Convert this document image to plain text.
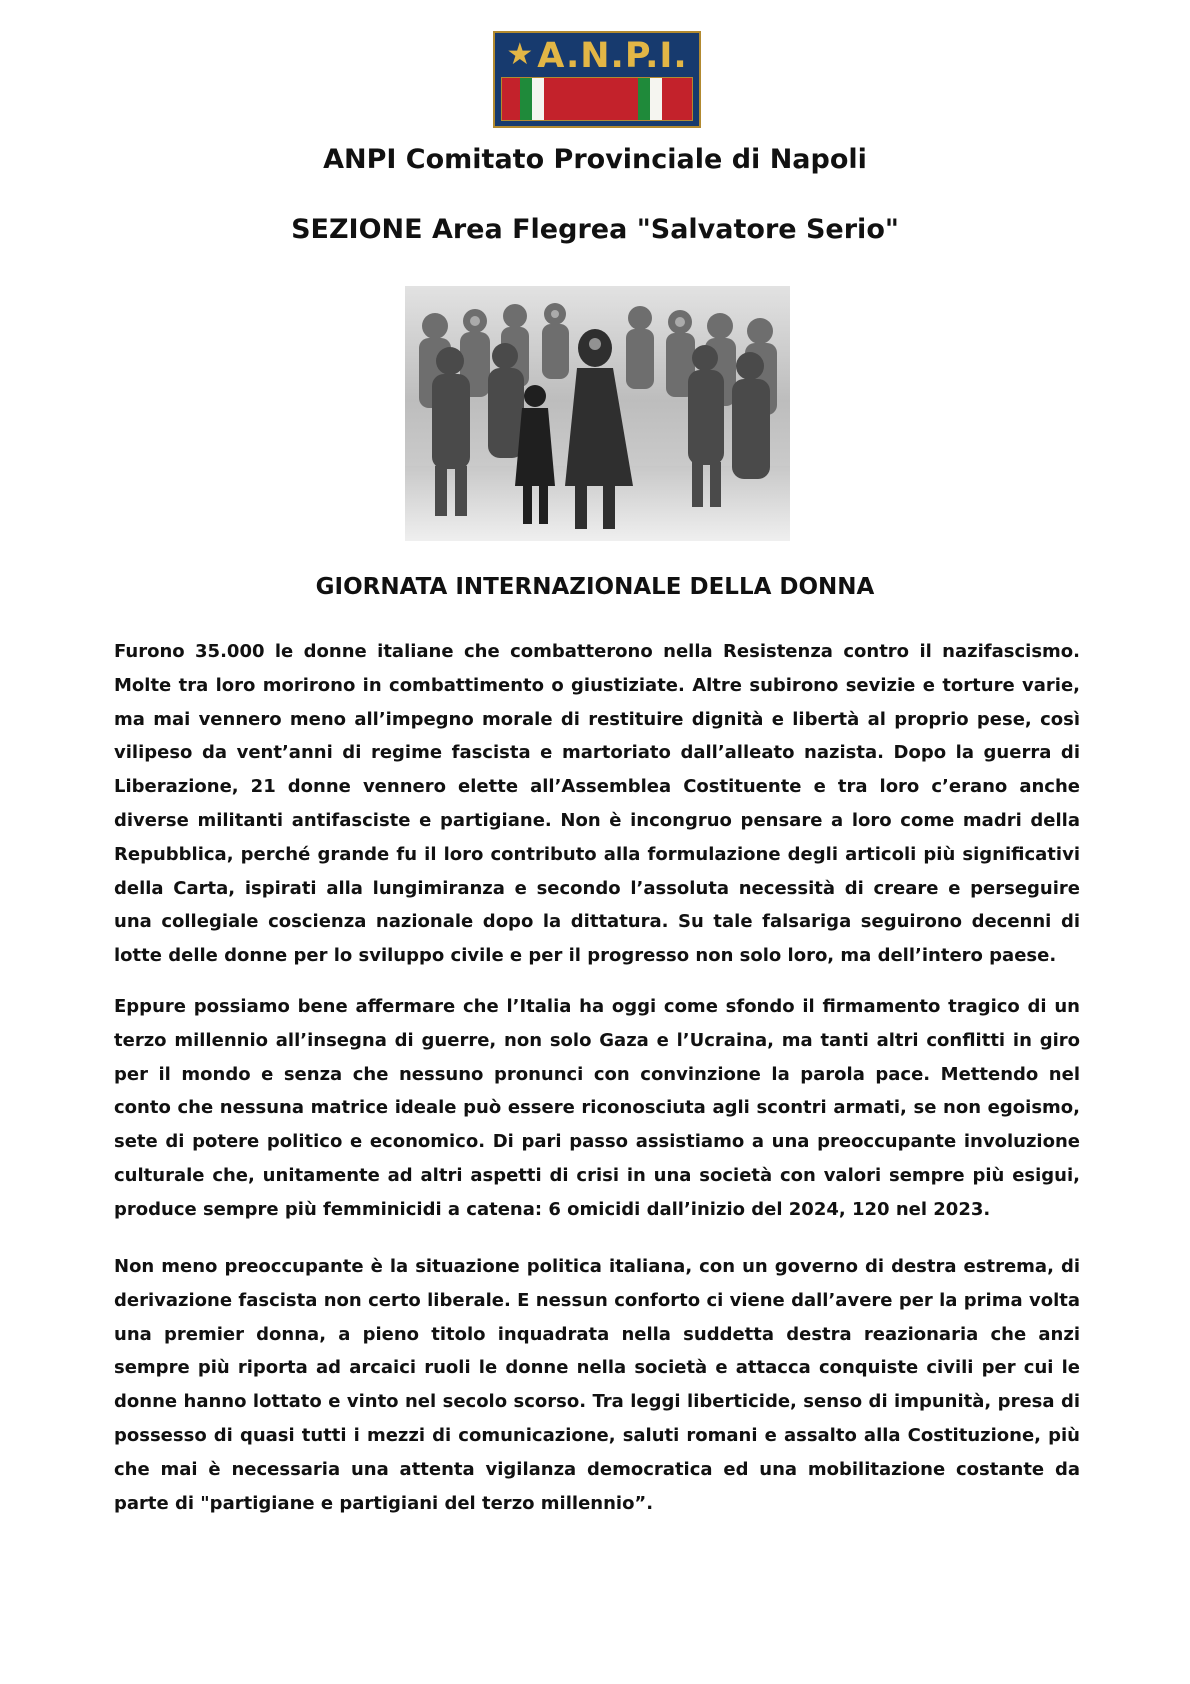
★ A.N.P.I.
ANPI Comitato Provinciale di Napoli
SEZIONE Area Flegrea "Salvatore Serio"
GIORNATA INTERNAZIONALE DELLA DONNA

Furono 35.000 le donne italiane che combatterono nella Resistenza contro il nazifascismo. Molte tra loro morirono in combattimento o giustiziate. Altre subirono sevizie e torture varie, ma mai vennero meno all’impegno morale di restituire dignità e libertà al proprio pese, così vilipeso da vent’anni di regime fascista e martoriato dall’alleato nazista. Dopo la guerra di Liberazione, 21 donne vennero elette all’Assemblea Costituente e tra loro c’erano anche diverse militanti antifasciste e partigiane. Non è incongruo pensare a loro come madri della Repubblica, perché grande fu il loro contributo alla formulazione degli articoli più significativi della Carta, ispirati alla lungimiranza e secondo l’assoluta necessità di creare e perseguire una collegiale coscienza nazionale dopo la dittatura. Su tale falsariga seguirono decenni di lotte delle donne per lo sviluppo civile e per il progresso non solo loro, ma dell’intero paese.

Eppure possiamo bene affermare che l’Italia ha oggi come sfondo il firmamento tragico di un terzo millennio all’insegna di guerre, non solo Gaza e l’Ucraina, ma tanti altri conflitti in giro per il mondo e senza che nessuno pronunci con convinzione la parola pace. Mettendo nel conto che nessuna matrice ideale può essere riconosciuta agli scontri armati, se non egoismo, sete di potere politico e economico. Di pari passo assistiamo a una preoccupante involuzione culturale che, unitamente ad altri aspetti di crisi in una società con valori sempre più esigui, produce sempre più femminicidi a catena: 6 omicidi dall’inizio del 2024, 120 nel 2023.

Non meno preoccupante è la situazione politica italiana, con un governo di destra estrema, di derivazione fascista non certo liberale. E nessun conforto ci viene dall’avere per la prima volta una premier donna, a pieno titolo inquadrata nella suddetta destra reazionaria che anzi sempre più riporta ad arcaici ruoli le donne nella società e attacca conquiste civili per cui le donne hanno lottato e vinto nel secolo scorso. Tra leggi liberticide, senso di impunità, presa di possesso di quasi tutti i mezzi di comunicazione, saluti romani e assalto alla Costituzione, più che mai è necessaria una attenta vigilanza democratica ed una mobilitazione costante da parte di "partigiane e partigiani del terzo millennio”.
